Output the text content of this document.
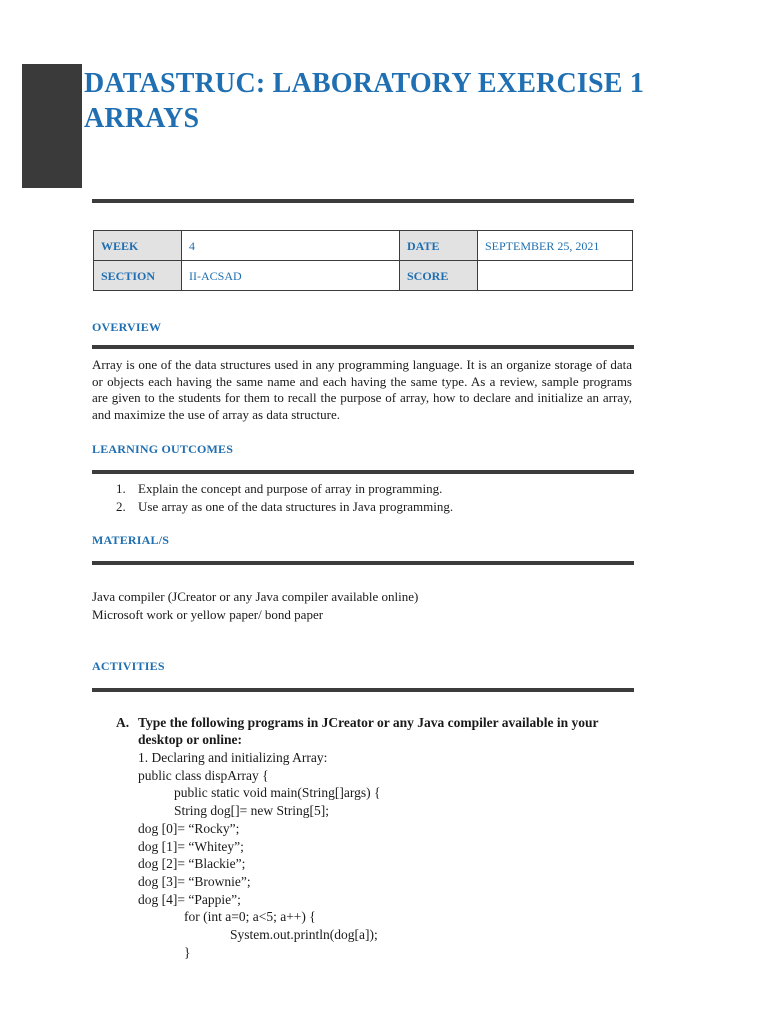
DATASTRUC: LABORATORY EXERCISE 1
ARRAYS
WEEK	4	DATE	SEPTEMBER 25, 2021
SECTION	II-ACSAD	SCORE	
OVERVIEW

Array is one of the data structures used in any programming language. It is an organize storage of data or objects each having the same name and each having the same type. As a review, sample programs are given to the students for them to recall the purpose of array, how to declare and initialize an array, and maximize the use of array as data structure.

LEARNING OUTCOMES
1. Explain the concept and purpose of array in programming.
2. Use array as one of the data structures in Java programming.
MATERIAL/S
Java compiler (JCreator or any Java compiler available online)
Microsoft work or yellow paper/ bond paper
ACTIVITIES

A. Type the following programs in JCreator or any Java compiler available in your
desktop or online:

1. Declaring and initializing Array:
public class dispArray {
public static void main(String[]args) {
String dog[]= new String[5];
dog [0]= “Rocky”;
dog [1]= “Whitey”;
dog [2]= “Blackie”;
dog [3]= “Brownie”;
dog [4]= “Pappie”;
for (int a=0; a<5; a++) {
System.out.println(dog[a]);
}
